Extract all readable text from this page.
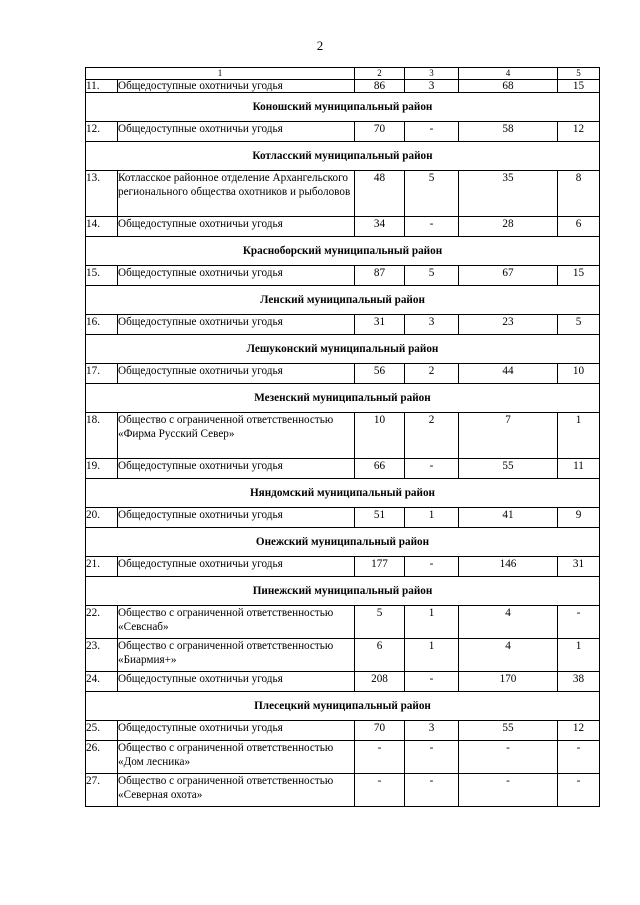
2
1		2	3	4	5
11.	Общедоступные охотничьи угодья	86	3	68	15
Коношский муниципальный район					
12.	Общедоступные охотничьи угодья	70	-	58	12
Котласский муниципальный район					
13.	Котласское районное отделение Архангельского регионального общества охотников и рыболовов	48	5	35	8
14.	Общедоступные охотничьи угодья	34	-	28	6
Красноборский муниципальный район					
15.	Общедоступные охотничьи угодья	87	5	67	15
Ленский муниципальный район					
16.	Общедоступные охотничьи угодья	31	3	23	5
Лешуконский муниципальный район					
17.	Общедоступные охотничьи угодья	56	2	44	10
Мезенский муниципальный район					
18.	Общество с ограниченной ответственностью «Фирма Русский Север»	10	2	7	1
19.	Общедоступные охотничьи угодья	66	-	55	11
Няндомский муниципальный район					
20.	Общедоступные охотничьи угодья	51	1	41	9
Онежский муниципальный район					
21.	Общедоступные охотничьи угодья	177	-	146	31
Пинежский муниципальный район					
22.	Общество с ограниченной ответственностью «Севснаб»	5	1	4	-
23.	Общество с ограниченной ответственностью «Биармия+»	6	1	4	1
24.	Общедоступные охотничьи угодья	208	-	170	38
Плесецкий муниципальный район					
25.	Общедоступные охотничьи угодья	70	3	55	12
26.	Общество с ограниченной ответственностью «Дом лесника»	-	-	-	-
27.	Общество с ограниченной ответственностью «Северная охота»	-	-	-	-
